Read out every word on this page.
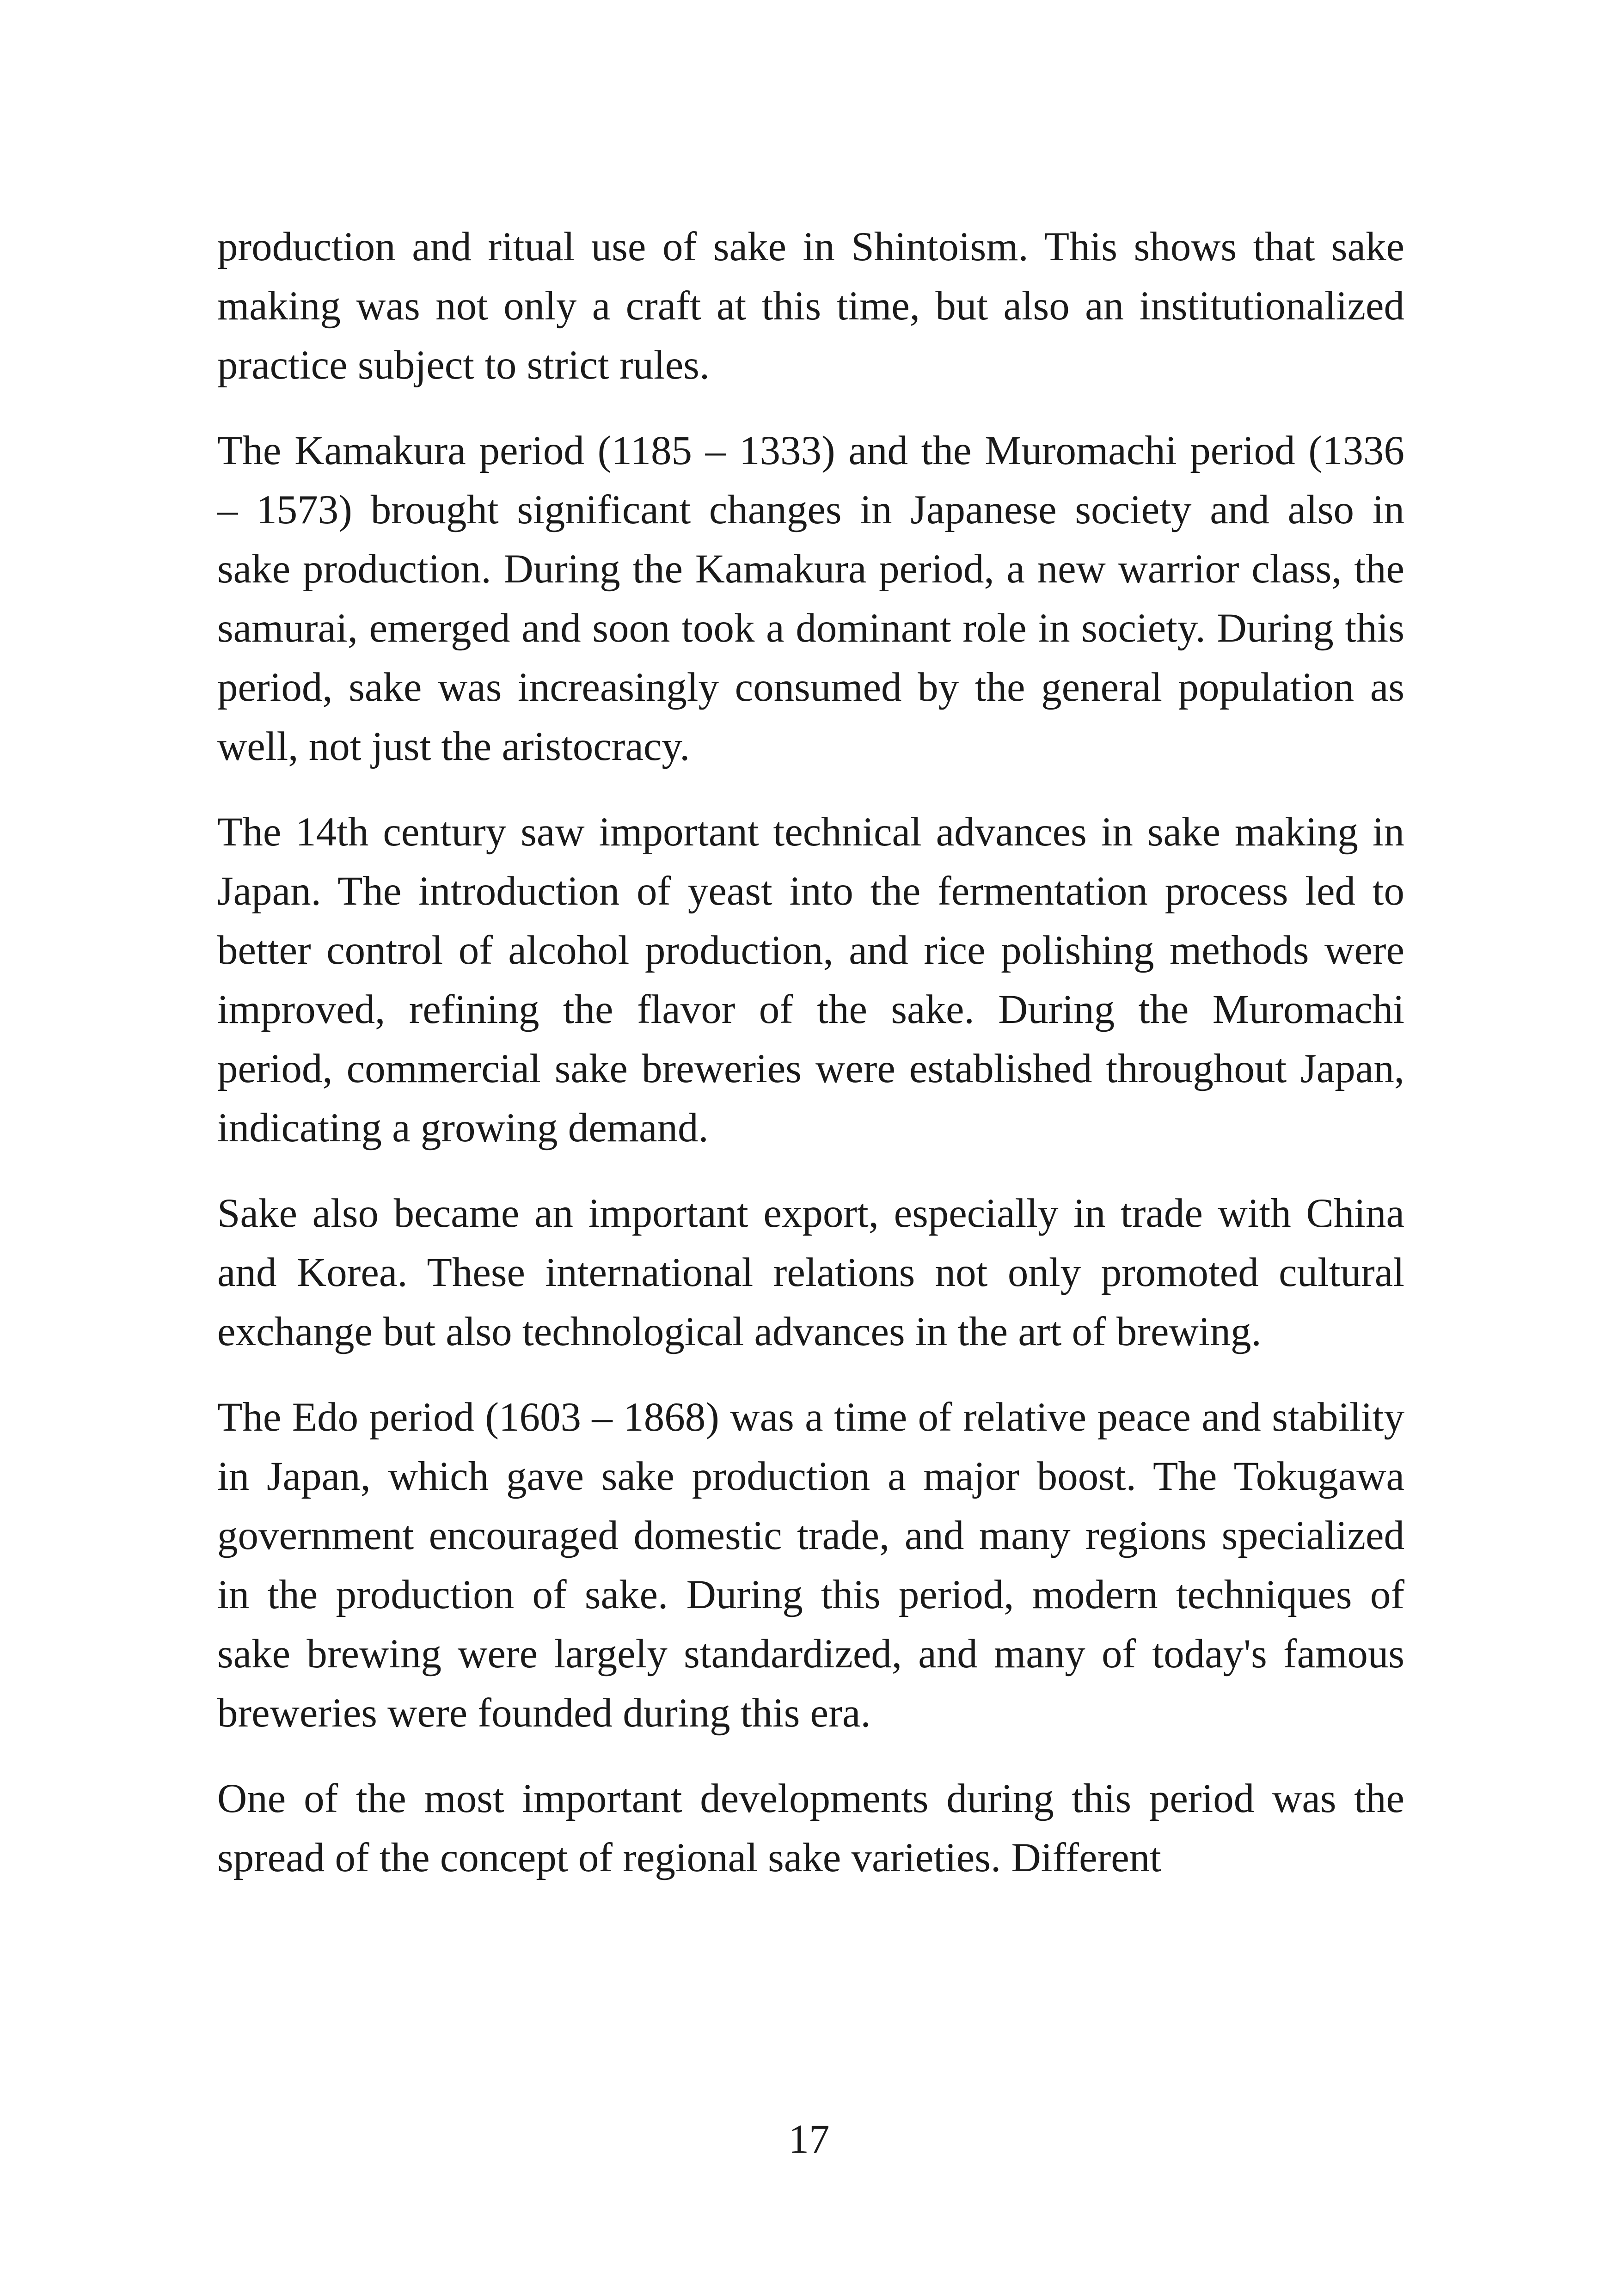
production and ritual use of sake in Shintoism. This shows that sake making was not only a craft at this time, but also an institutionalized practice subject to strict rules.

The Kamakura period (1185 – 1333) and the Muromachi period (1336 – 1573) brought significant changes in Japanese society and also in sake production. During the Kamakura period, a new warrior class, the samurai, emerged and soon took a dominant role in society. During this period, sake was increasingly consumed by the general population as well, not just the aristocracy.

The 14th century saw important technical advances in sake making in Japan. The introduction of yeast into the fermentation process led to better control of alcohol production, and rice polishing methods were improved, refining the flavor of the sake. During the Muromachi period, commercial sake breweries were established throughout Japan, indicating a growing demand.

Sake also became an important export, especially in trade with China and Korea. These international relations not only promoted cultural exchange but also technological advances in the art of brewing.

The Edo period (1603 – 1868) was a time of relative peace and stability in Japan, which gave sake production a major boost. The Tokugawa government encouraged domestic trade, and many regions specialized in the production of sake. During this period, modern techniques of sake brewing were largely standardized, and many of today's famous breweries were founded during this era.

One of the most important developments during this period was the spread of the concept of regional sake varieties. Different

17
